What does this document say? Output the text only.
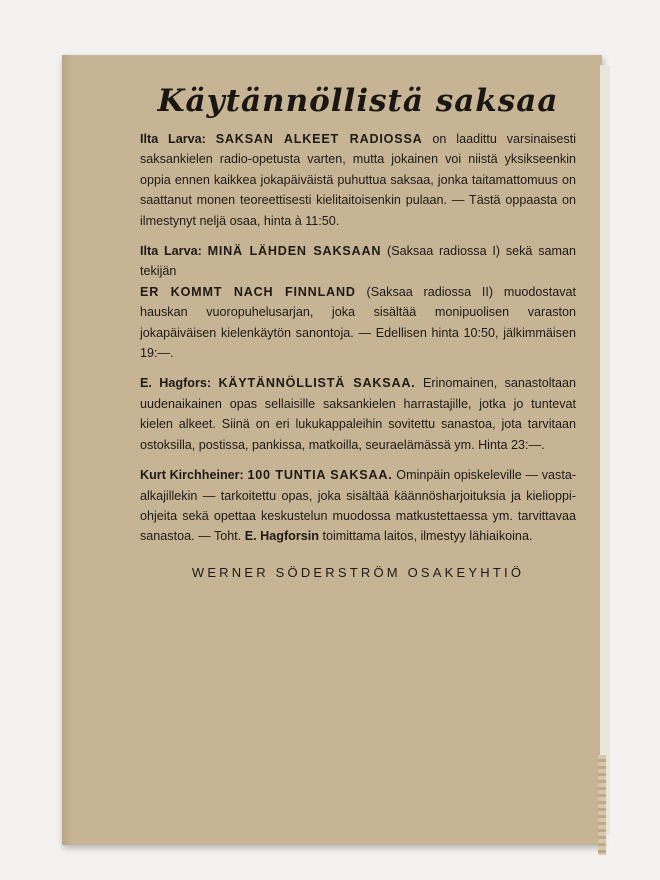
Käytännöllistä saksaa
Ilta Larva: SAKSAN ALKEET RADIOSSA on laadittu varsinaisesti saksankielen radio-opetusta varten, mutta jokainen voi niistä yksikseenkin oppia ennen kaikkea jokapäiväistä puhuttua saksaa, jonka taitamattomuus on saattanut monen teoreettisesti kielitaitoisenkin pulaan. — Tästä oppaasta on ilmestynyt neljä osaa, hinta à 11:50.
Ilta Larva: MINÄ LÄHDEN SAKSAAN (Saksaa radiossa I) sekä saman tekijän
ER KOMMT NACH FINNLAND (Saksaa radiossa II) muodostavat hauskan vuoropuhelusarjan, joka sisältää monipuolisen varaston jokapäiväisen kielenkäytön sanontoja. — Edellisen hinta 10:50, jälkimmäisen 19:—.
E. Hagfors: KÄYTÄNNÖLLISTÄ SAKSAA. Erinomainen, sanastoltaan uudenaikainen opas sellaisille saksankielen harrastajille, jotka jo tuntevat kielen alkeet. Siinä on eri lukukappaleihin sovitettu sanastoa, jota tarvitaan ostoksilla, postissa, pankissa, matkoilla, seuraelämässä ym. Hinta 23:—.
Kurt Kirchheiner: 100 TUNTIA SAKSAA. Ominpäin opiskeleville — vasta-alkajillekin — tarkoitettu opas, joka sisältää käännösharjoituksia ja kielioppi-ohjeita sekä opettaa keskustelun muodossa matkustettaessa ym. tarvittavaa sanastoa. — Toht. E. Hagforsin toimittama laitos, ilmestyy lähiaikoina.
WERNER SÖDERSTRÖM OSAKEYHTIÖ
